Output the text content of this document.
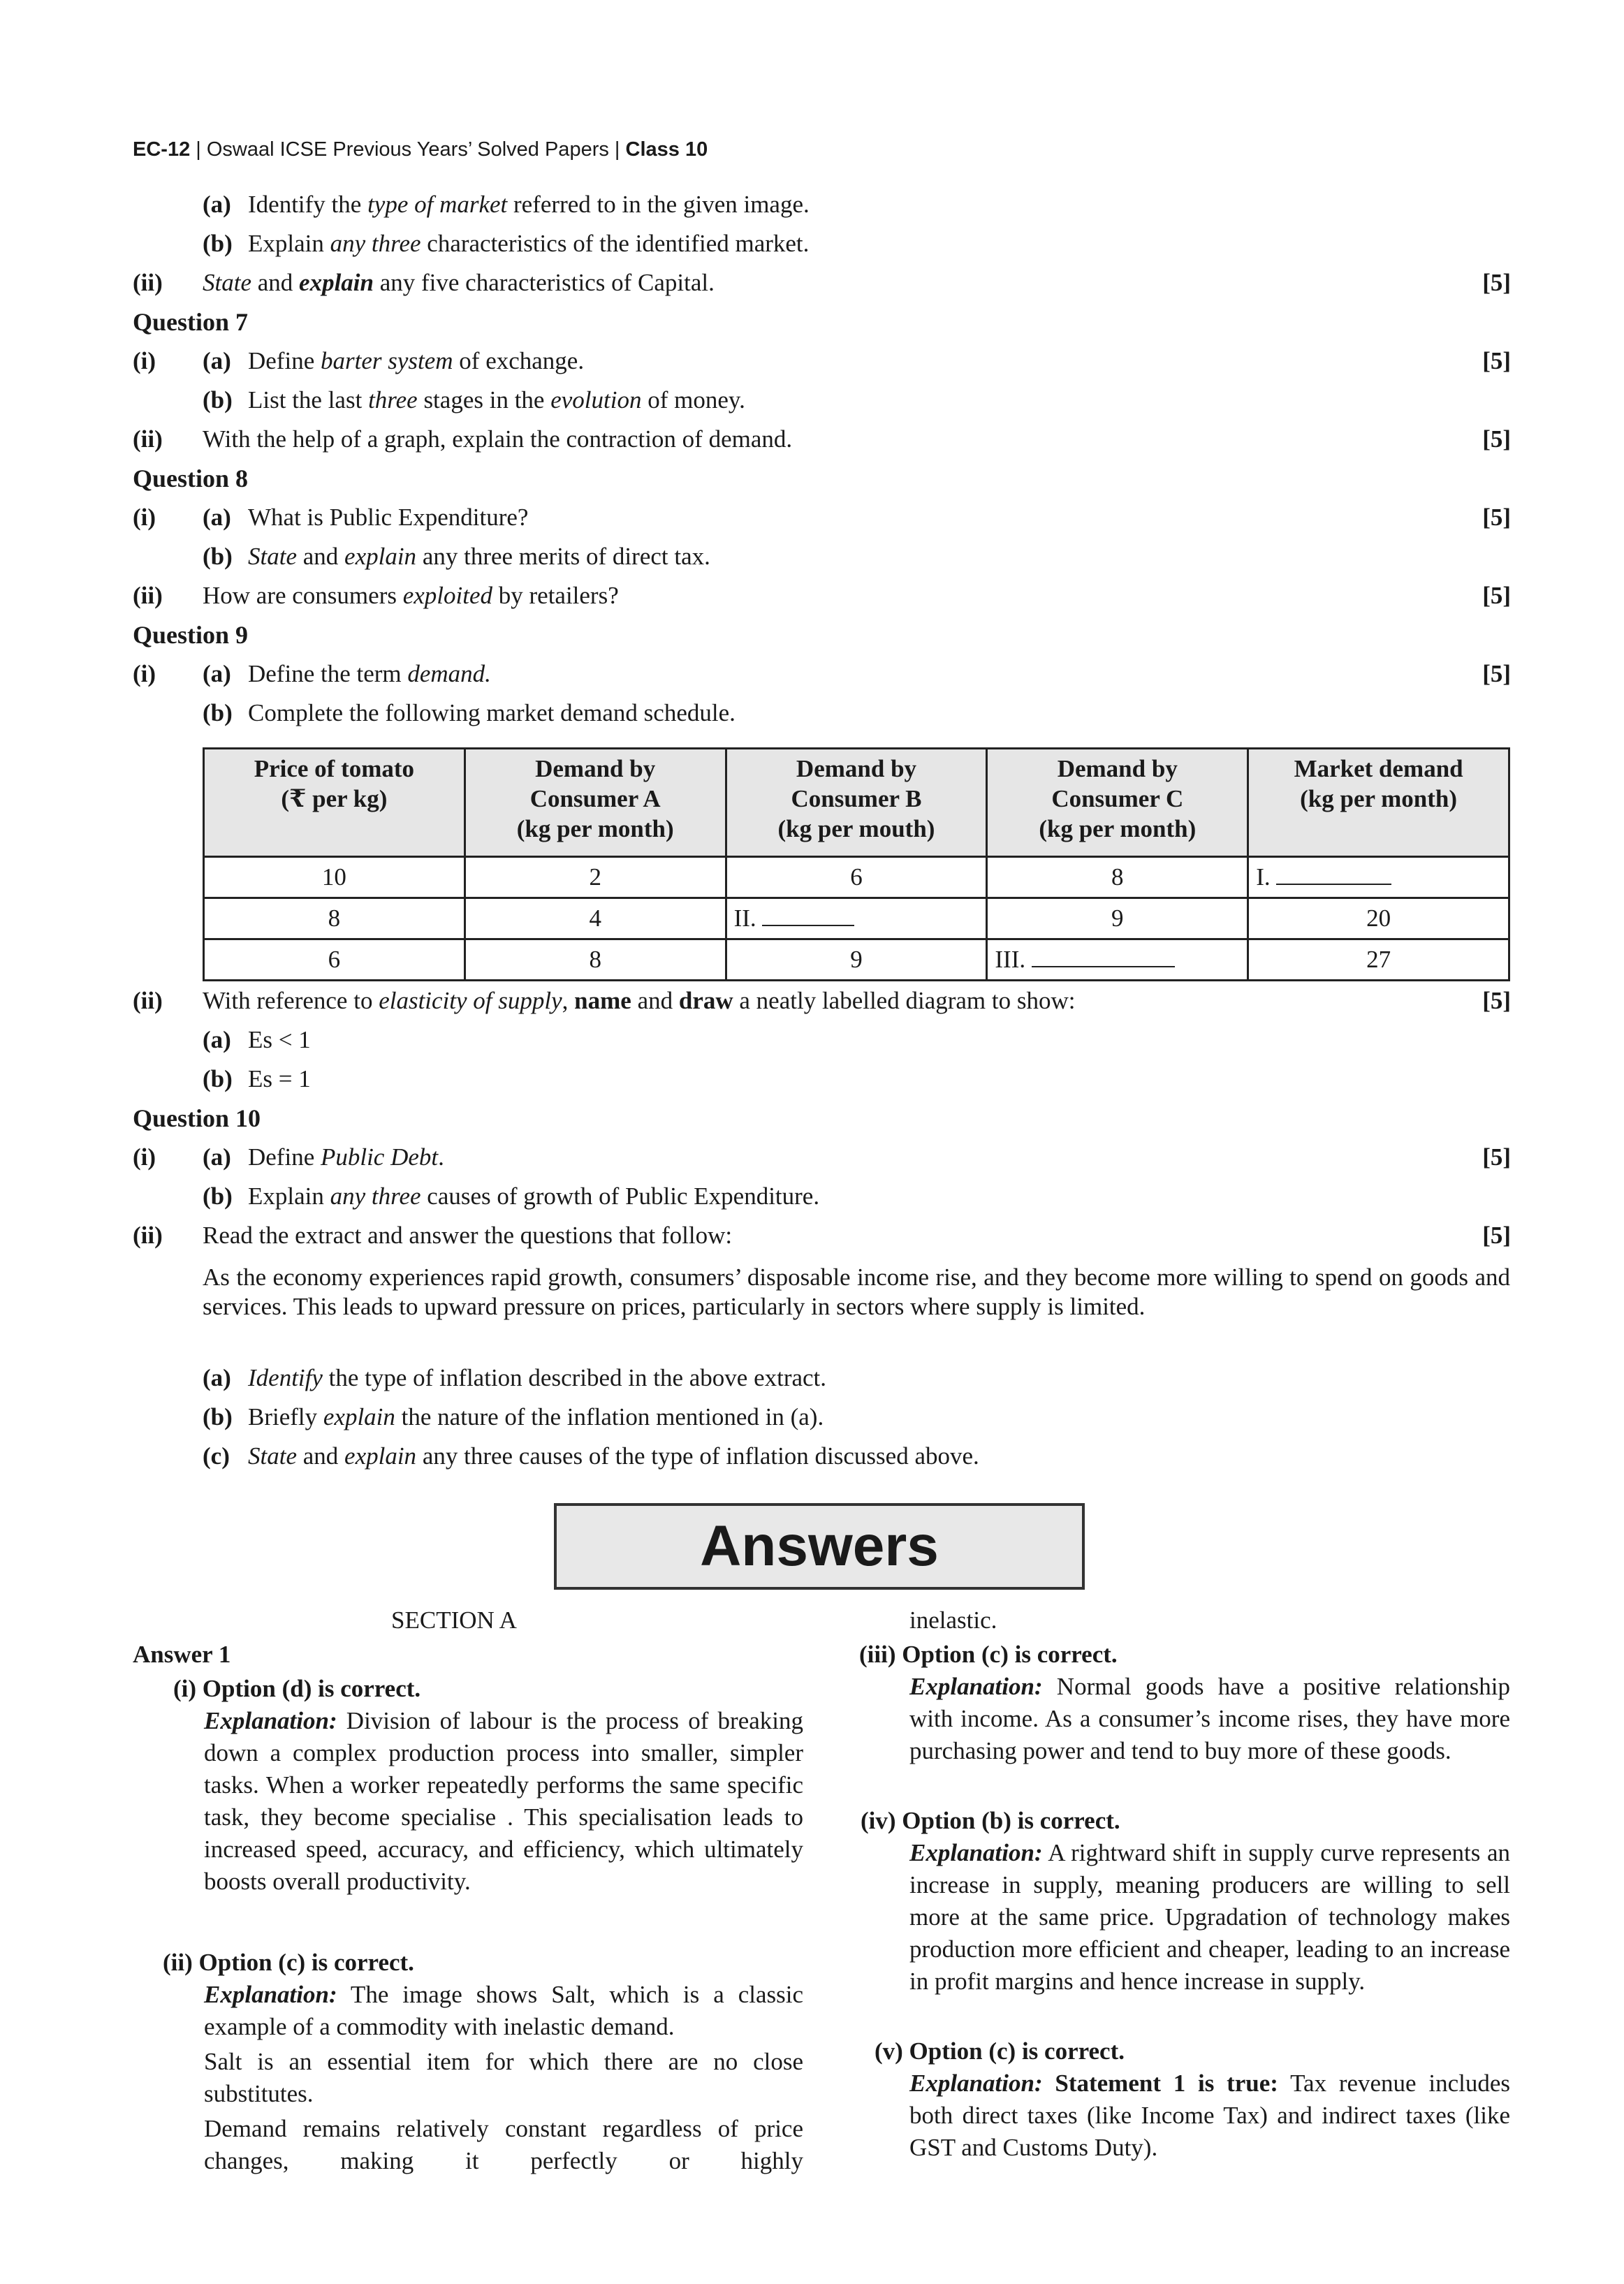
EC-12 | Oswaal ICSE Previous Years’ Solved Papers | Class 10
(a) Identify the type of market referred to in the given image.
(b) Explain any three characteristics of the identified market.
(ii) State and explain any five characteristics of Capital.	[5]
Question 7
(i) (a) Define barter system of exchange.	[5]
(b) List the last three stages in the evolution of money.
(ii) With the help of a graph, explain the contraction of demand.	[5]
Question 8
(i) (a) What is Public Expenditure?	[5]
(b) State and explain any three merits of direct tax.
(ii) How are consumers exploited by retailers?	[5]
Question 9
(i) (a) Define the term demand.	[5]
(b) Complete the following market demand schedule.
Price of tomato
(₹ per kg)	Demand by
Consumer A
(kg per month)	Demand by
Consumer B
(kg per mouth)	Demand by
Consumer C
(kg per month)	Market demand
(kg per month)
10	2	6	8	I.
8	4	II.	9	20
6	8	9	III.	27
(ii) With reference to elasticity of supply, name and draw a neatly labelled diagram to show:	[5]
(a) Es < 1
(b) Es = 1
Question 10
(i) (a) Define Public Debt.	[5]
(b) Explain any three causes of growth of Public Expenditure.
(ii) Read the extract and answer the questions that follow:	[5]
As the economy experiences rapid growth, consumers’ disposable income rise, and they become more willing to spend on goods and services. This leads to upward pressure on prices, particularly in sectors where supply is limited.
(a) Identify the type of inflation described in the above extract.
(b) Briefly explain the nature of the inflation mentioned in (a).
(c) State and explain any three causes of the type of inflation discussed above.
Answers
SECTION A
Answer 1
(i) Option (d) is correct.

Explanation: Division of labour is the process of breaking down a complex production process into smaller, simpler tasks. When a worker repeatedly performs the same specific task, they become specialise . This specialisation leads to increased speed, accuracy, and efficiency, which ultimately boosts overall productivity.

(ii) Option (c) is correct.

Explanation: The image shows Salt, which is a classic example of a commodity with inelastic demand.

Salt is an essential item for which there are no close substitutes.

Demand remains relatively constant regardless of price changes, making it perfectly or highly

inelastic.
(iii) Option (c) is correct.

Explanation: Normal goods have a positive relationship with income. As a consumer’s income rises, they have more purchasing power and tend to buy more of these goods.

(iv) Option (b) is correct.

Explanation: A rightward shift in supply curve represents an increase in supply, meaning producers are willing to sell more at the same price. Upgradation of technology makes production more efficient and cheaper, leading to an increase in profit margins and hence increase in supply.

(v) Option (c) is correct.

Explanation: Statement 1 is true: Tax revenue includes both direct taxes (like Income Tax) and indirect taxes (like GST and Customs Duty).
